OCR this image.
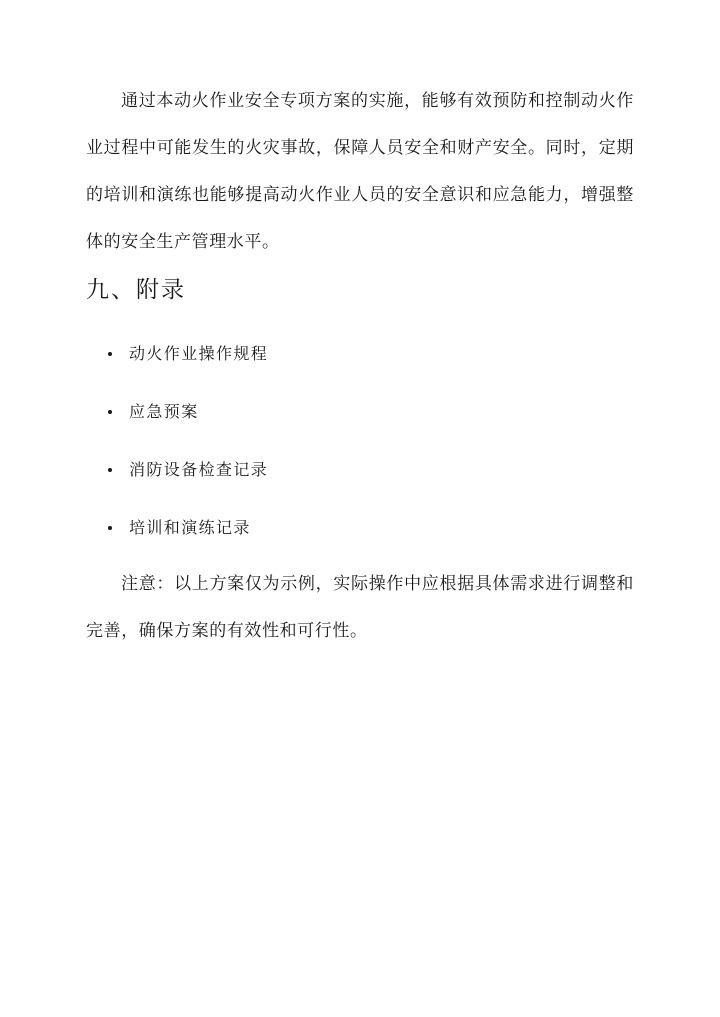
通过本动火作业安全专项方案的实施，能够有效预防和控制动火作业过程中可能发生的火灾事故，保障人员安全和财产安全。同时，定期的培训和演练也能够提高动火作业人员的安全意识和应急能力，增强整体的安全生产管理水平。

九、附录
动火作业操作规程
应急预案
消防设备检查记录
培训和演练记录

注意：以上方案仅为示例，实际操作中应根据具体需求进行调整和完善，确保方案的有效性和可行性。
